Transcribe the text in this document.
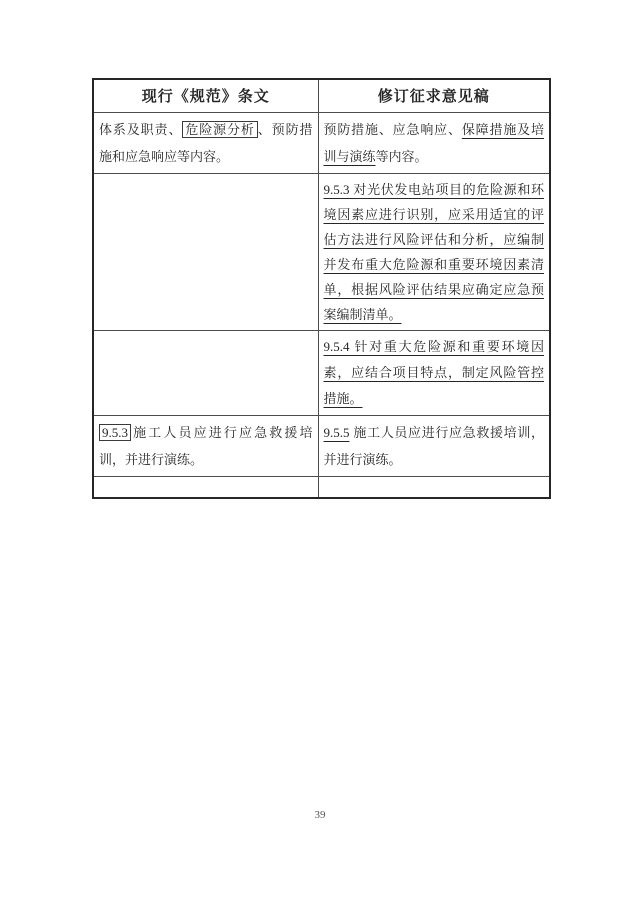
现行《规范》条文	修订征求意见稿
体系及职责、 危险源分析 、预防措施和应急响应等内容。	预防措施、应急响应、保障措施及培训与演练等内容。
	9.5.3 对光伏发电站项目的危险源和环境因素应进行识别，应采用适宜的评估方法进行风险评估和分析，应编制并发布重大危险源和重要环境因素清单，根据风险评估结果应确定应急预案编制清单。
	9.5.4 针对重大危险源和重要环境因素，应结合项目特点，制定风险管控措施。
9.5.3 施工人员应进行应急救援培训，并进行演练。	9.5.5 施工人员应进行应急救援培训，并进行演练。

39
